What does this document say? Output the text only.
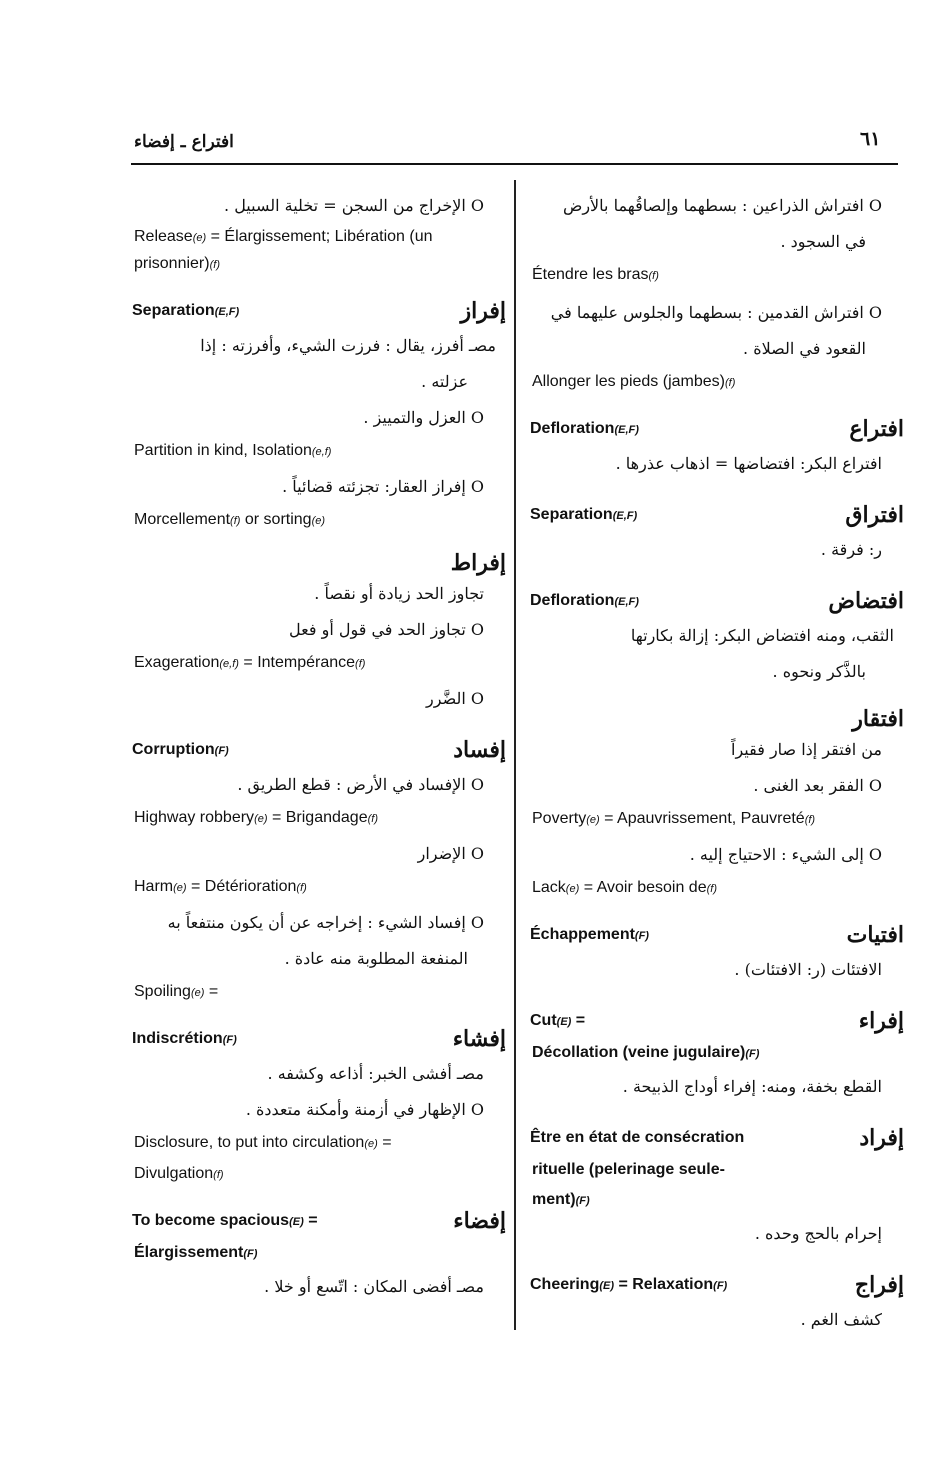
افتراع ـ إفضاء	٦١

O افتراش الذراعين : بسطهما وإلصاقُهما بالأرض

في السجود .

Étendre les bras(f)

O افتراش القدمين : بسطهما والجلوس عليهما في

القعود في الصلاة .

Allonger les pieds (jambes)(f)

Defloration(E,F)	افتراع

افتراع البكر: افتضاضها = اذهاب عذرها .

Separation(E,F)	افتراق

ر: فرقة .

Defloration(E,F)	افتضاض

الثقب، ومنه افتضاض البكر: إزالة بكارتها

بالذَّكر ونحوه .

افتقار

من افتقر إذا صار فقيراً

O الفقر بعد الغنى .

Poverty(e) = Apauvrissement, Pauvreté(f)

O إلى الشيء : الاحتياج إليه .

Lack(e) = Avoir besoin de(f)

Échappement(F)	افتيات

الافتئات (ر: الافتئات) .

Cut(E) =	إفراء

Décollation (veine jugulaire)(F)

القطع بخفة، ومنه: إفراء أوداج الذبيحة .

Être en état de consécration	إفراد

rituelle (pelerinage seule-

ment)(F)

إحرام بالحج وحده .

Cheering(E) = Relaxation(F)	إفراج

كشف الغم .

O الإخراج من السجن = تخلية السبيل .

Release(e) = Élargissement; Libération (un
prisonnier)(f)

Separation(E,F)	إفراز

مصـ أفرز، يقال : فرزت الشيء، وأفرزته : إذا

عزلته .

O العزل والتمييز .

Partition in kind, Isolation(e,f)

O إفراز العقار: تجزئته قضائياً .

Morcellement(f) or sorting(e)

إفراط

تجاوز الحد زيادة أو نقصاً .

O تجاوز الحد في قول أو فعل

Exageration(e,f) = Intempérance(f)

O الضَّرر

Corruption(F)	إفساد

O الإفساد في الأرض : قطع الطريق .

Highway robbery(e) = Brigandage(f)

O الإضرار

Harm(e) = Détérioration(f)

O إفساد الشيء : إخراجه عن أن يكون منتفعاً به

المنفعة المطلوبة منه عادة .

Spoiling(e) =

Indiscrétion(F)	إفشاء

مصـ أفشى الخبر: أذاعه وكشفه .

O الإظهار في أزمنة وأمكنة متعددة .

Disclosure, to put into circulation(e) =

Divulgation(f)

To become spacious(E) =	إفضاء

Élargissement(F)

مصـ أفضى المكان : اتّسع أو خلا .
